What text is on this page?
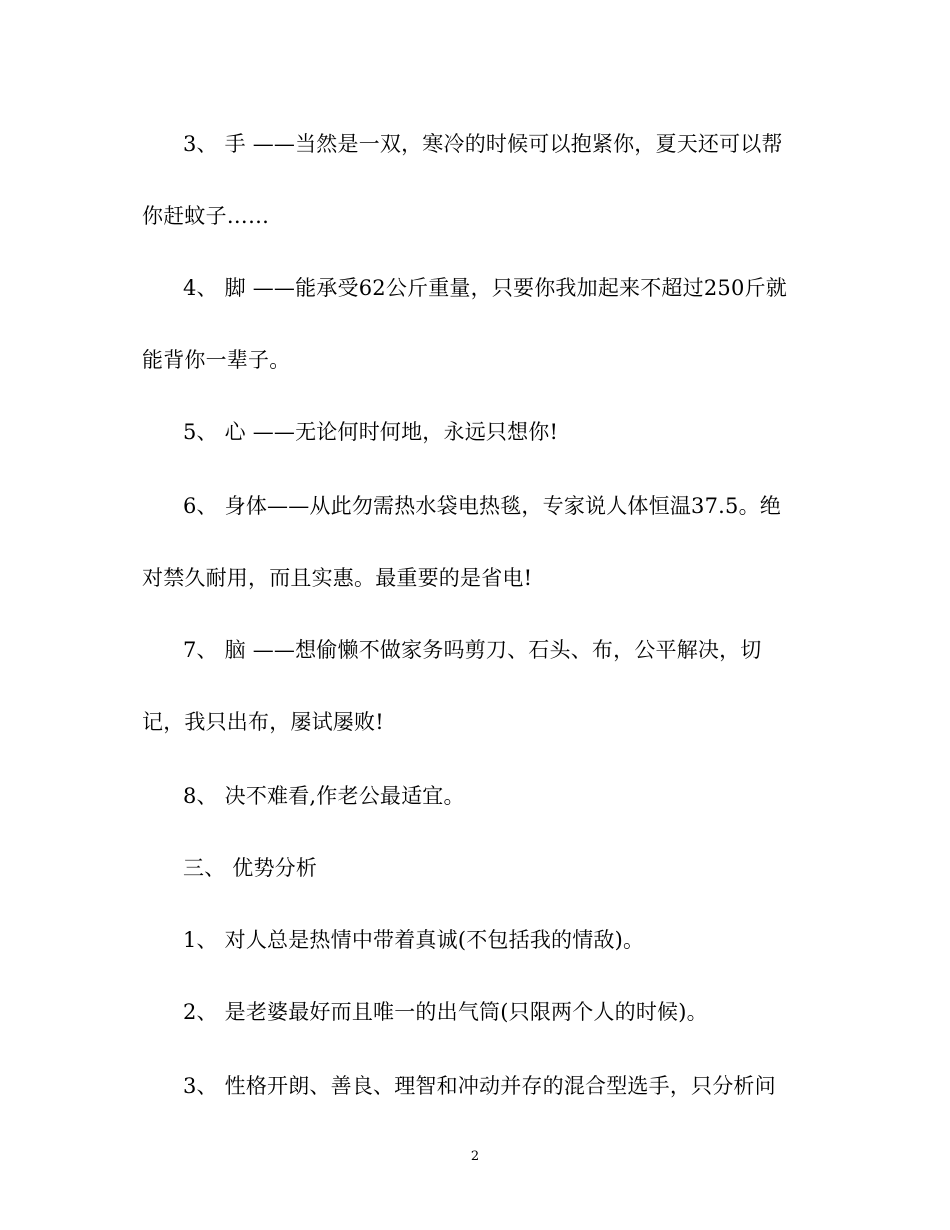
3、 手 ——当然是一双，寒冷的时候可以抱紧你，夏天还可以帮
你赶蚊子……
4、 脚 ——能承受62公斤重量，只要你我加起来不超过250斤就
能背你一辈子。
5、 心 ——无论何时何地，永远只想你!
6、 身体——从此勿需热水袋电热毯，专家说人体恒温37.5。绝
对禁久耐用，而且实惠。最重要的是省电!
7、 脑 ——想偷懒不做家务吗剪刀、石头、布，公平解决，切
记，我只出布，屡试屡败!
8、 决不难看,作老公最适宜。
三、 优势分析
1、 对人总是热情中带着真诚(不包括我的情敌)。
2、 是老婆最好而且唯一的出气筒(只限两个人的时候)。
3、 性格开朗、善良、理智和冲动并存的混合型选手，只分析问
2
